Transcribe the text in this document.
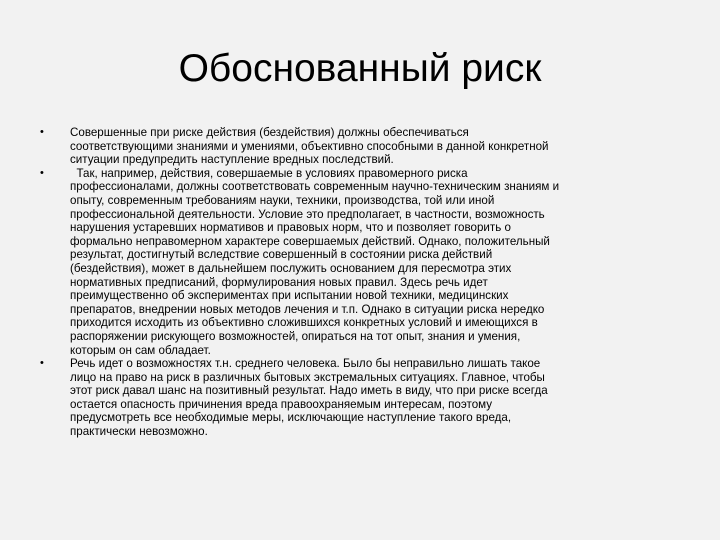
Обоснованный риск
•	Совершенные при риске действия (бездействия) должны обеспечиваться
соответствующими знаниями и умениями, объективно способными в данной конкретной
ситуации предупредить наступление вредных последствий.
•	Так, например, действия, совершаемые в условиях правомерного риска
профессионалами, должны соответствовать современным научно-техническим знаниям и
опыту, современным требованиям науки, техники, производства, той или иной
профессиональной деятельности. Условие это предполагает, в частности, возможность
нарушения устаревших нормативов и правовых норм, что и позволяет говорить о
формально неправомерном характере совершаемых действий. Однако, положительный
результат, достигнутый вследствие совершенный в состоянии риска действий
(бездействия), может в дальнейшем послужить основанием для пересмотра этих
нормативных предписаний, формулирования новых правил. Здесь речь идет
преимущественно об экспериментах при испытании новой техники, медицинских
препаратов, внедрении новых методов лечения и т.п. Однако в ситуации риска нередко
приходится исходить из объективно сложившихся конкретных условий и имеющихся в
распоряжении рискующего возможностей, опираться на тот опыт, знания и умения,
которым он сам обладает.
•	Речь идет о возможностях т.н. среднего человека. Было бы неправильно лишать такое
лицо на право на риск в различных бытовых экстремальных ситуациях. Главное, чтобы
этот риск давал шанс на позитивный результат. Надо иметь в виду, что при риске всегда
остается опасность причинения вреда правоохраняемым интересам, поэтому
предусмотреть все необходимые меры, исключающие наступление такого вреда,
практически невозможно.
